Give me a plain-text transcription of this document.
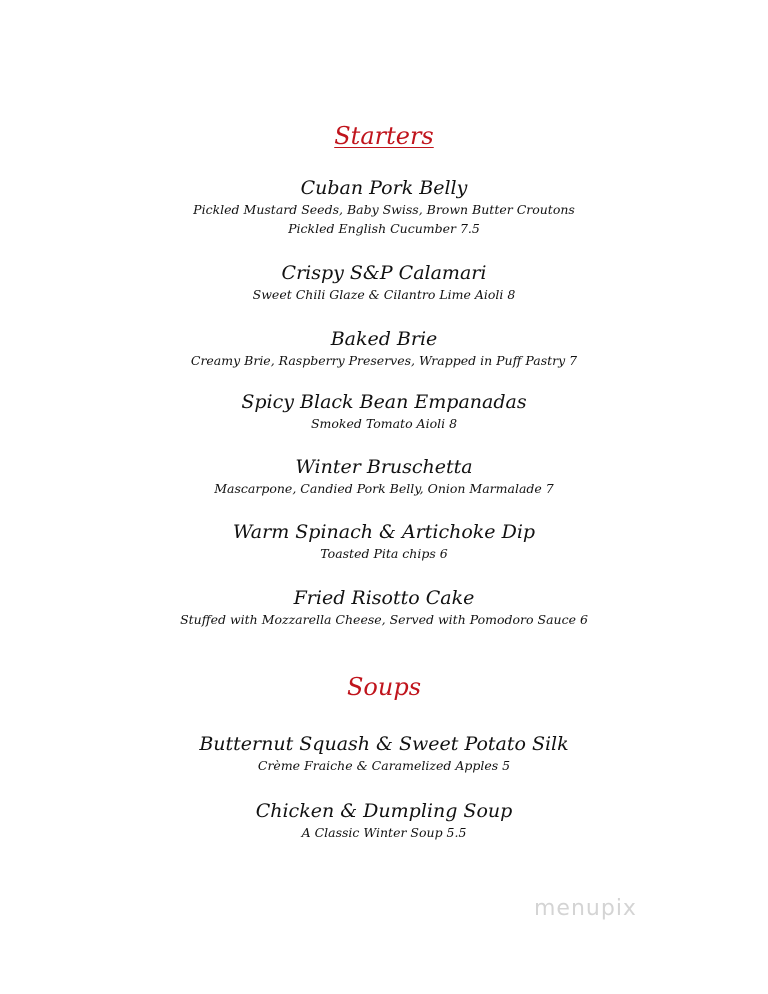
Starters

Cuban Pork Belly

Pickled Mustard Seeds, Baby Swiss, Brown Butter Croutons

Pickled English Cucumber 7.5

Crispy S&P Calamari

Sweet Chili Glaze & Cilantro Lime Aioli 8

Baked Brie

Creamy Brie, Raspberry Preserves, Wrapped in Puff Pastry 7

Spicy Black Bean Empanadas

Smoked Tomato Aioli 8

Winter Bruschetta

Mascarpone, Candied Pork Belly, Onion Marmalade 7

Warm Spinach & Artichoke Dip

Toasted Pita chips 6

Fried Risotto Cake

Stuffed with Mozzarella Cheese, Served with Pomodoro Sauce 6

Soups

Butternut Squash & Sweet Potato Silk

Crème Fraiche & Caramelized Apples 5

Chicken & Dumpling Soup

A Classic Winter Soup 5.5

menupix
